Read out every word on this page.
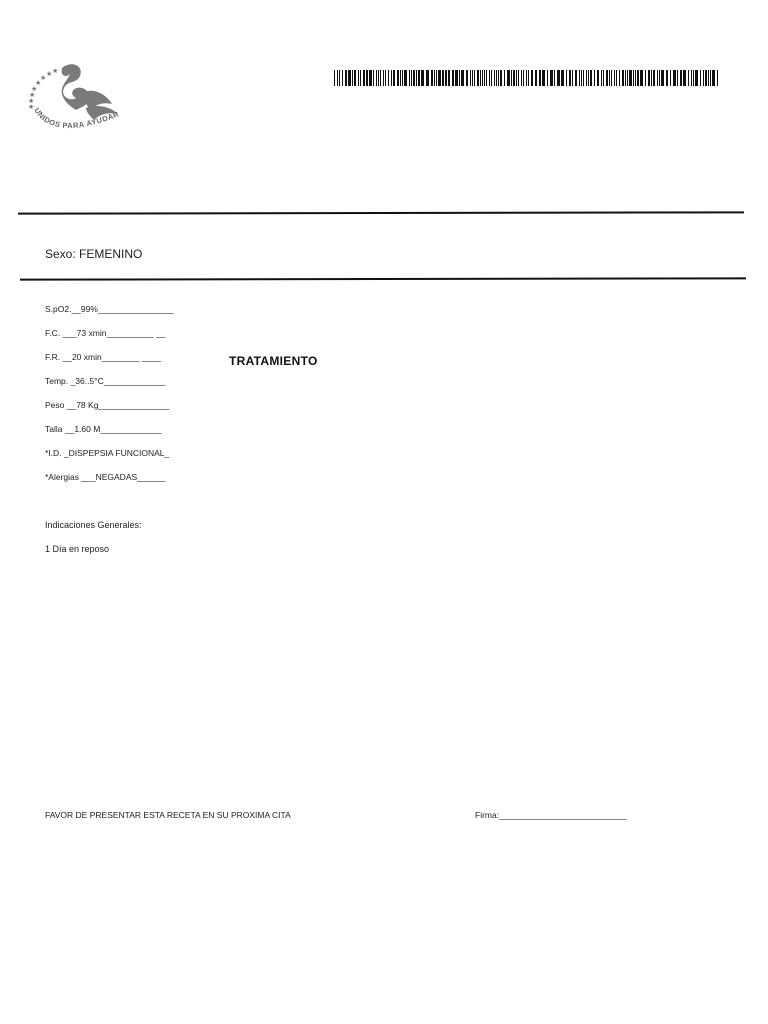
★
★
★
★
★
★
★
★
UNIDOS PARA AYUDAR
Sexo: FEMENINO
S.pO2.__99%________________
F.C. ___73 xmin__________ __
F.R. __20 xmin________ ____
Temp. _36..5°C_____________
Peso __78 Kg_______________
Talla __1.60 M_____________
*I.D. _DISPEPSIA FUNCIONAL_
*Alergias ___NEGADAS______
TRATAMIENTO
Indicaciones Generales:
1 Día en reposo
FAVOR DE PRESENTAR ESTA RECETA EN SU PROXIMA CITA	Firma:___________________________
